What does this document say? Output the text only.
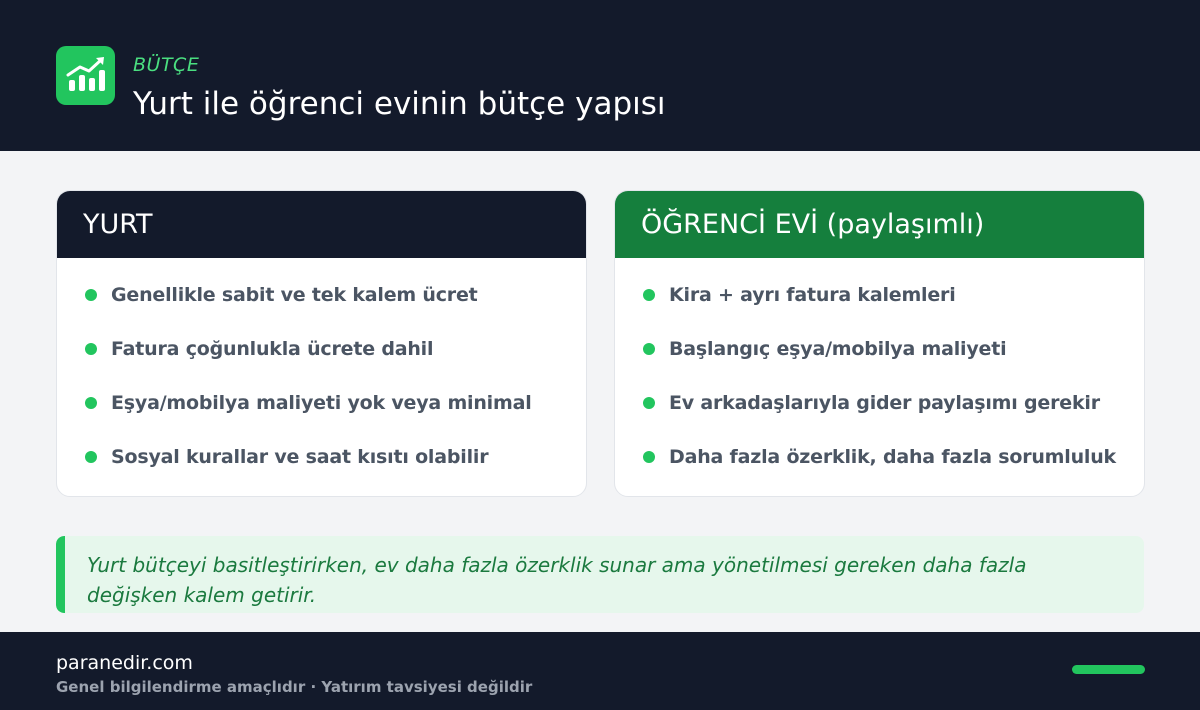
BÜTÇE
Yurt ile öğrenci evinin bütçe yapısı
YURT
Genellikle sabit ve tek kalem ücret
Fatura çoğunlukla ücrete dahil
Eşya/mobilya maliyeti yok veya minimal
Sosyal kurallar ve saat kısıtı olabilir
ÖĞRENCİ EVİ (paylaşımlı)
Kira + ayrı fatura kalemleri
Başlangıç eşya/mobilya maliyeti
Ev arkadaşlarıyla gider paylaşımı gerekir
Daha fazla özerklik, daha fazla sorumluluk

Yurt bütçeyi basitleştirirken, ev daha fazla özerklik sunar ama yönetilmesi gereken daha fazla değişken kalem getirir.

paranedir.com
Genel bilgilendirme amaçlıdır · Yatırım tavsiyesi değildir
